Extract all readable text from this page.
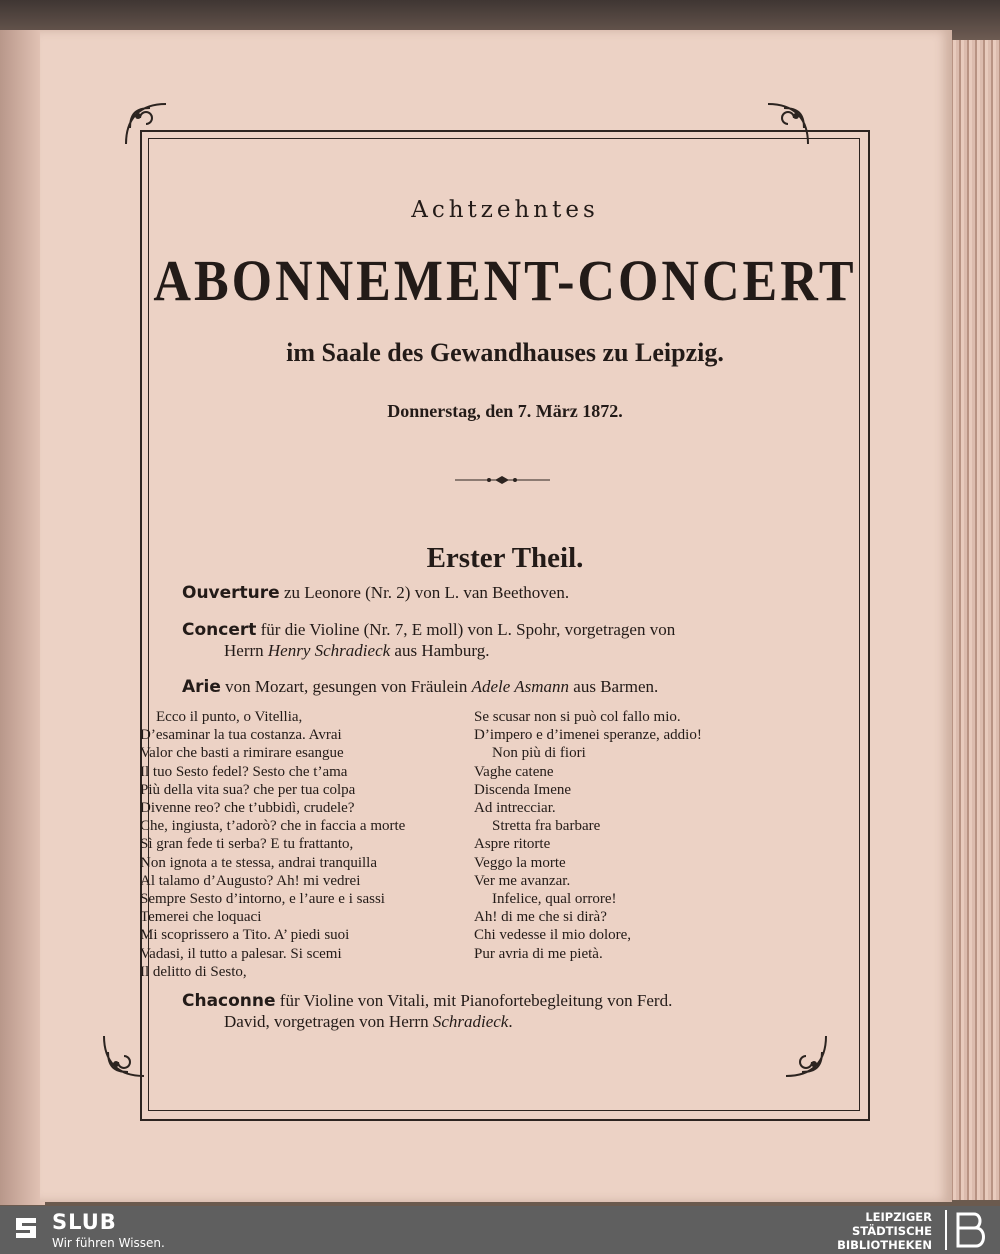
Achtzehntes
ABONNEMENT-CONCERT
im Saale des Gewandhauses zu Leipzig.
Donnerstag, den 7. März 1872.
Erster Theil.
Ouverture zu Leonore (Nr. 2) von L. van Beethoven.
Concert für die Violine (Nr. 7, E moll) von L. Spohr, vorgetragen von
Herrn Henry Schradieck aus Hamburg.
Arie von Mozart, gesungen von Fräulein Adele Asmann aus Barmen.
Ecco il punto, o Vitellia,
D’esaminar la tua costanza. Avrai
Valor che basti a rimirare esangue
Il tuo Sesto fedel? Sesto che t’ama
Più della vita sua? che per tua colpa
Divenne reo? che t’ubbidì, crudele?
Che, ingiusta, t’adorò? che in faccia a morte
Sì gran fede ti serba? E tu frattanto,
Non ignota a te stessa, andrai tranquilla
Al talamo d’Augusto? Ah! mi vedrei
Sempre Sesto d’intorno, e l’aure e i sassi
Temerei che loquaci
Mi scoprissero a Tito. A’ piedi suoi
Vadasi, il tutto a palesar. Si scemi
Il delitto di Sesto,
Se scusar non si può col fallo mio.
D’impero e d’imenei speranze, addio!
Non più di fiori
Vaghe catene
Discenda Imene
Ad intrecciar.
Stretta fra barbare
Aspre ritorte
Veggo la morte
Ver me avanzar.
Infelice, qual orrore!
Ah! di me che si dirà?
Chi vedesse il mio dolore,
Pur avria di me pietà.
Chaconne für Violine von Vitali, mit Pianofortebegleitung von Ferd.
David, vorgetragen von Herrn Schradieck.
SLUB
Wir führen Wissen.
LEIPZIGER
STÄDTISCHE
BIBLIOTHEKEN
